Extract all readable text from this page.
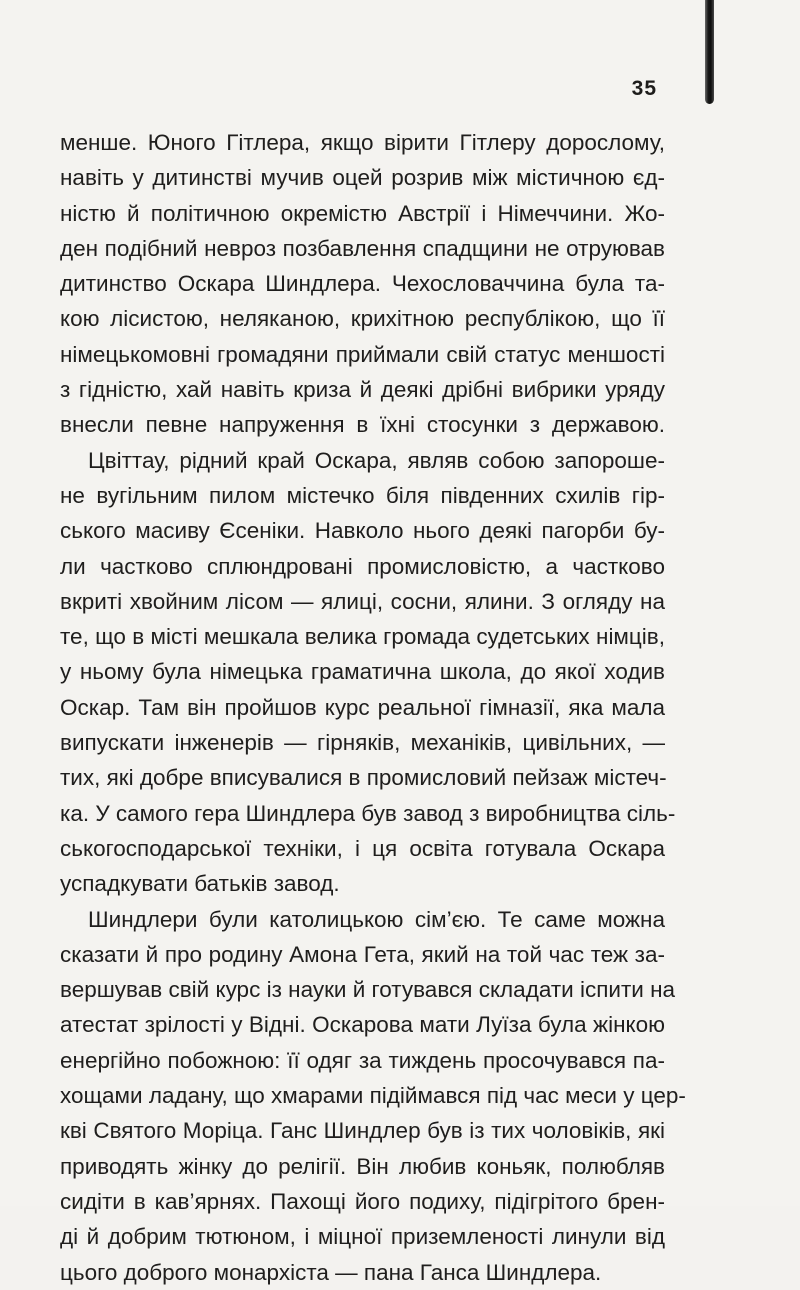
35
менше. Юного Гітлера, якщо вірити Гітлеру дорослому,
навіть у дитинстві мучив оцей розрив між містичною єд-
ністю й політичною окремістю Австрії і Німеччини. Жо-
ден подібний невроз позбавлення спадщини не отруював
дитинство Оскара Шиндлера. Чехословаччина була та-
кою лісистою, неляканою, крихітною республікою, що її
німецькомовні громадяни приймали свій статус меншості
з гідністю, хай навіть криза й деякі дрібні вибрики уряду
внесли певне напруження в їхні стосунки з державою.
Цвіттау, рідний край Оскара, являв собою запороше-
не вугільним пилом містечко біля південних схилів гір-
ського масиву Єсеніки. Навколо нього деякі пагорби бу-
ли частково сплюндровані промисловістю, а частково
вкриті хвойним лісом — ялиці, сосни, ялини. З огляду на
те, що в місті мешкала велика громада судетських німців,
у ньому була німецька граматична школа, до якої ходив
Оскар. Там він пройшов курс реальної гімназії, яка мала
випускати інженерів — гірняків, механіків, цивільних, —
тих, які добре вписувалися в промисловий пейзаж містеч-
ка. У самого гера Шиндлера був завод з виробництва сіль-
ськогосподарської техніки, і ця освіта готувала Оскара
успадкувати батьків завод.
Шиндлери були католицькою сім’єю. Те саме можна
сказати й про родину Амона Гета, який на той час теж за-
вершував свій курс із науки й готувався складати іспити на
атестат зрілості у Відні. Оскарова мати Луїза була жінкою
енергійно побожною: її одяг за тиждень просочувався па-
хощами ладану, що хмарами підіймався під час меси у цер-
кві Святого Моріца. Ганс Шиндлер був із тих чоловіків, які
приводять жінку до релігії. Він любив коньяк, полюбляв
сидіти в кав’ярнях. Пахощі його подиху, підігрітого брен-
ді й добрим тютюном, і міцної приземленості линули від
цього доброго монархіста — пана Ганса Шиндлера.
